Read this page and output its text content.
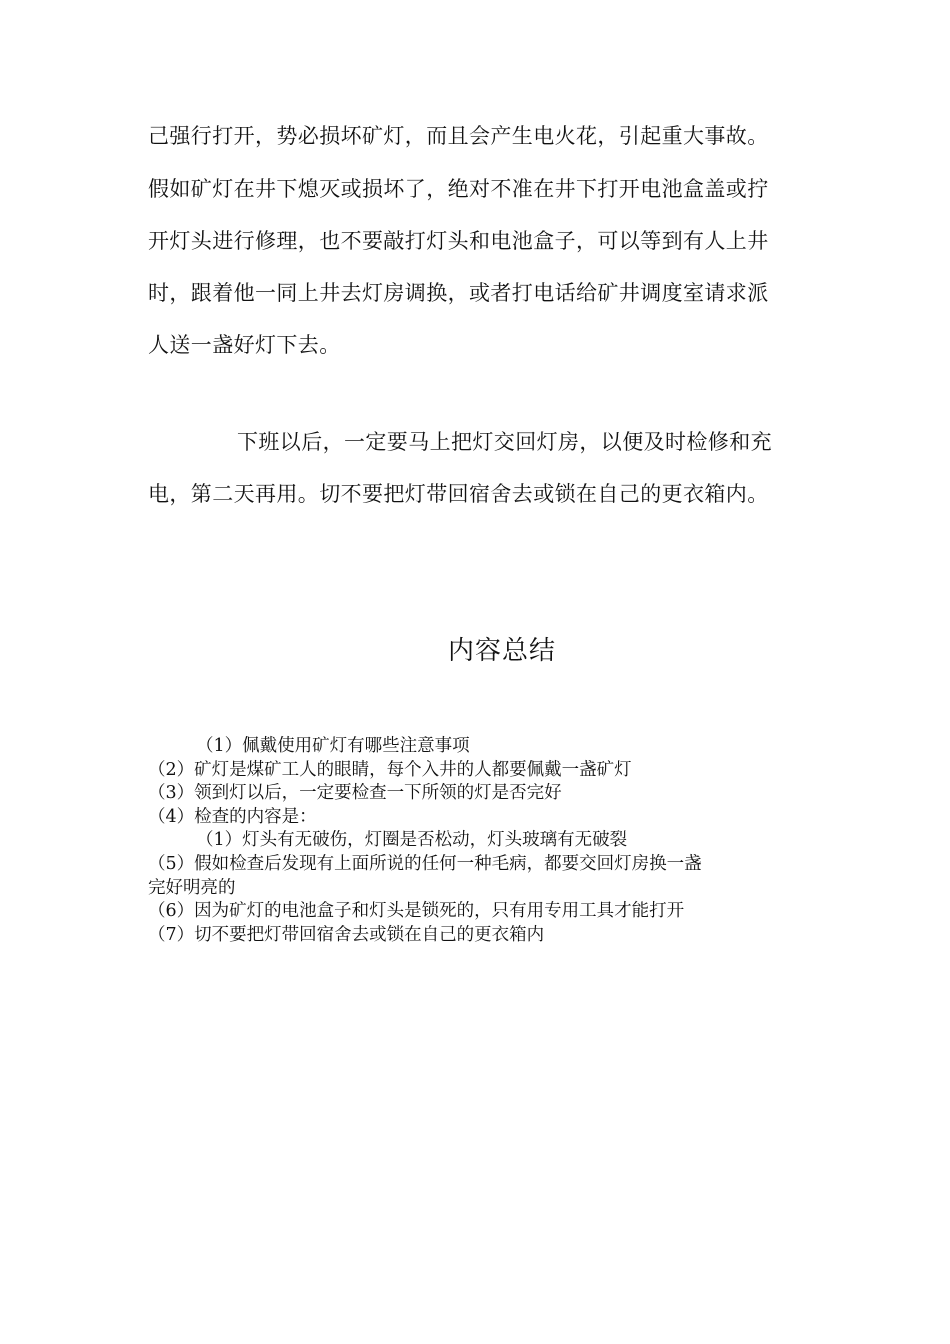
己强行打开，势必损坏矿灯，而且会产生电火花，引起重大事故。
假如矿灯在井下熄灭或损坏了，绝对不准在井下打开电池盒盖或拧
开灯头进行修理，也不要敲打灯头和电池盒子，可以等到有人上井
时，跟着他一同上井去灯房调换，或者打电话给矿井调度室请求派
人送一盏好灯下去。
下班以后，一定要马上把灯交回灯房，以便及时检修和充
电，第二天再用。切不要把灯带回宿舍去或锁在自己的更衣箱内。
内容总结
（1）佩戴使用矿灯有哪些注意事项
（2）矿灯是煤矿工人的眼睛，每个入井的人都要佩戴一盏矿灯
（3）领到灯以后，一定要检查一下所领的灯是否完好
（4）检查的内容是：
（1）灯头有无破伤，灯圈是否松动，灯头玻璃有无破裂
（5）假如检查后发现有上面所说的任何一种毛病，都要交回灯房换一盏
完好明亮的
（6）因为矿灯的电池盒子和灯头是锁死的，只有用专用工具才能打开
（7）切不要把灯带回宿舍去或锁在自己的更衣箱内
